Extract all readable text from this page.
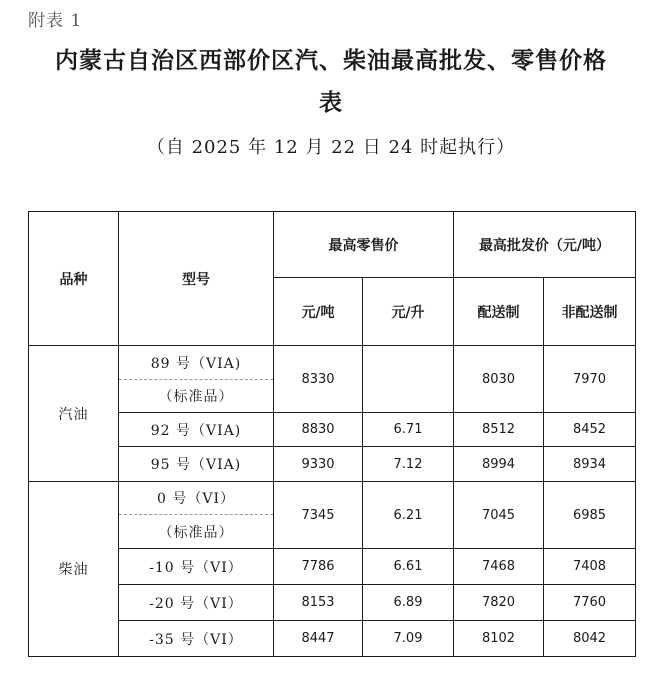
附表 1
内蒙古自治区西部价区汽、柴油最高批发、零售价格
表
（自 2025 年 12 月 22 日 24 时起执行）
品种	型号	最高零售价		最高批发价（元/吨）	
		元/吨	元/升	配送制	非配送制
汽油	89 号（VIA)	8330		8030	7970
	（标准品）				
	92 号（VIA)	8830	6.71	8512	8452
	95 号（VIA)	9330	7.12	8994	8934
柴油	0 号（VI）	7345	6.21	7045	6985
	（标准品）				
	-10 号（VI）	7786	6.61	7468	7408
	-20 号（VI）	8153	6.89	7820	7760
	-35 号（VI）	8447	7.09	8102	8042
